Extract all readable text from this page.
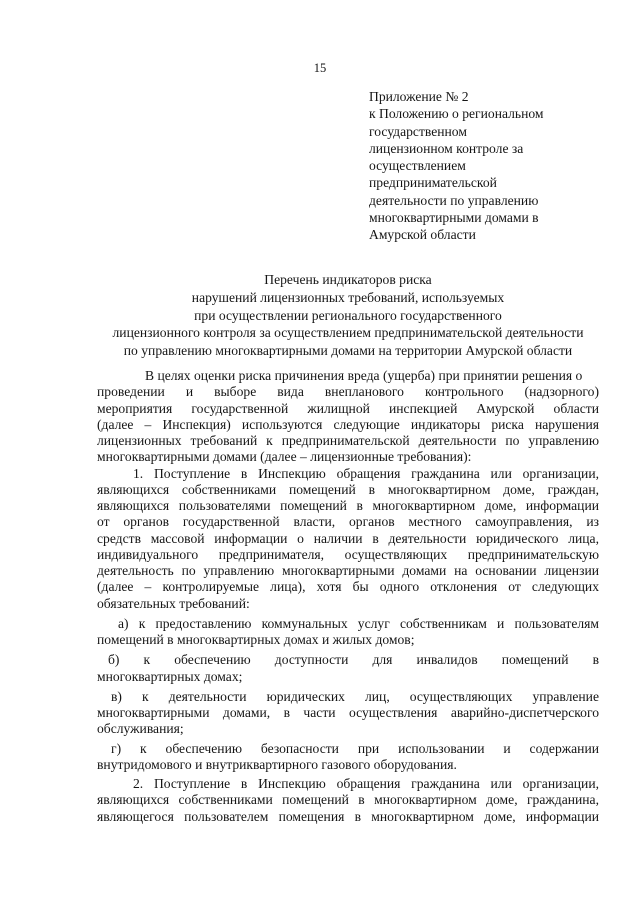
15
Приложение № 2
к Положению о региональном
государственном
лицензионном контроле за
осуществлением
предпринимательской
деятельности по управлению
многоквартирными домами в
Амурской области
Перечень индикаторов риска
нарушений лицензионных требований, используемых
при осуществлении регионального государственного
лицензионного контроля за осуществлением предпринимательской деятельности
по управлению многоквартирными домами на территории Амурской области
В целях оценки риска причинения вреда (ущерба) при принятии решения о
проведении и выборе вида внепланового контрольного (надзорного)
мероприятия государственной жилищной инспекцией Амурской области
(далее – Инспекция) используются следующие индикаторы риска нарушения
лицензионных требований к предпринимательской деятельности по управлению
многоквартирными домами (далее – лицензионные требования):
1. Поступление в Инспекцию обращения гражданина или организации,
являющихся собственниками помещений в многоквартирном доме, граждан,
являющихся пользователями помещений в многоквартирном доме, информации
от органов государственной власти, органов местного самоуправления, из
средств массовой информации о наличии в деятельности юридического лица,
индивидуального предпринимателя, осуществляющих предпринимательскую
деятельность по управлению многоквартирными домами на основании лицензии
(далее – контролируемые лица), хотя бы одного отклонения от следующих
обязательных требований:
а) к предоставлению коммунальных услуг собственникам и пользователям
помещений в многоквартирных домах и жилых домов;
б) к обеспечению доступности для инвалидов помещений в
многоквартирных домах;
в) к деятельности юридических лиц, осуществляющих управление
многоквартирными домами, в части осуществления аварийно-диспетчерского
обслуживания;
г) к обеспечению безопасности при использовании и содержании
внутридомового и внутриквартирного газового оборудования.
2. Поступление в Инспекцию обращения гражданина или организации,
являющихся собственниками помещений в многоквартирном доме, гражданина,
являющегося пользователем помещения в многоквартирном доме, информации
